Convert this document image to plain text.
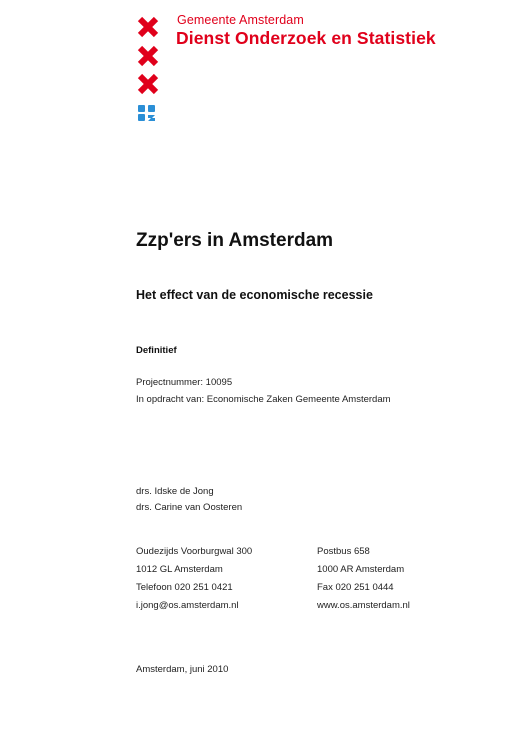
Gemeente Amsterdam
Dienst Onderzoek en Statistiek
Zzp'ers in Amsterdam
Het effect van de economische recessie
Definitief
Projectnummer: 10095
In opdracht van: Economische Zaken Gemeente Amsterdam
drs. Idske de Jong
drs. Carine van Oosteren
Oudezijds Voorburgwal 300
1012 GL Amsterdam
Telefoon 020 251 0421
i.jong@os.amsterdam.nl
Postbus 658
1000 AR Amsterdam
Fax 020 251 0444
www.os.amsterdam.nl
Amsterdam, juni 2010
